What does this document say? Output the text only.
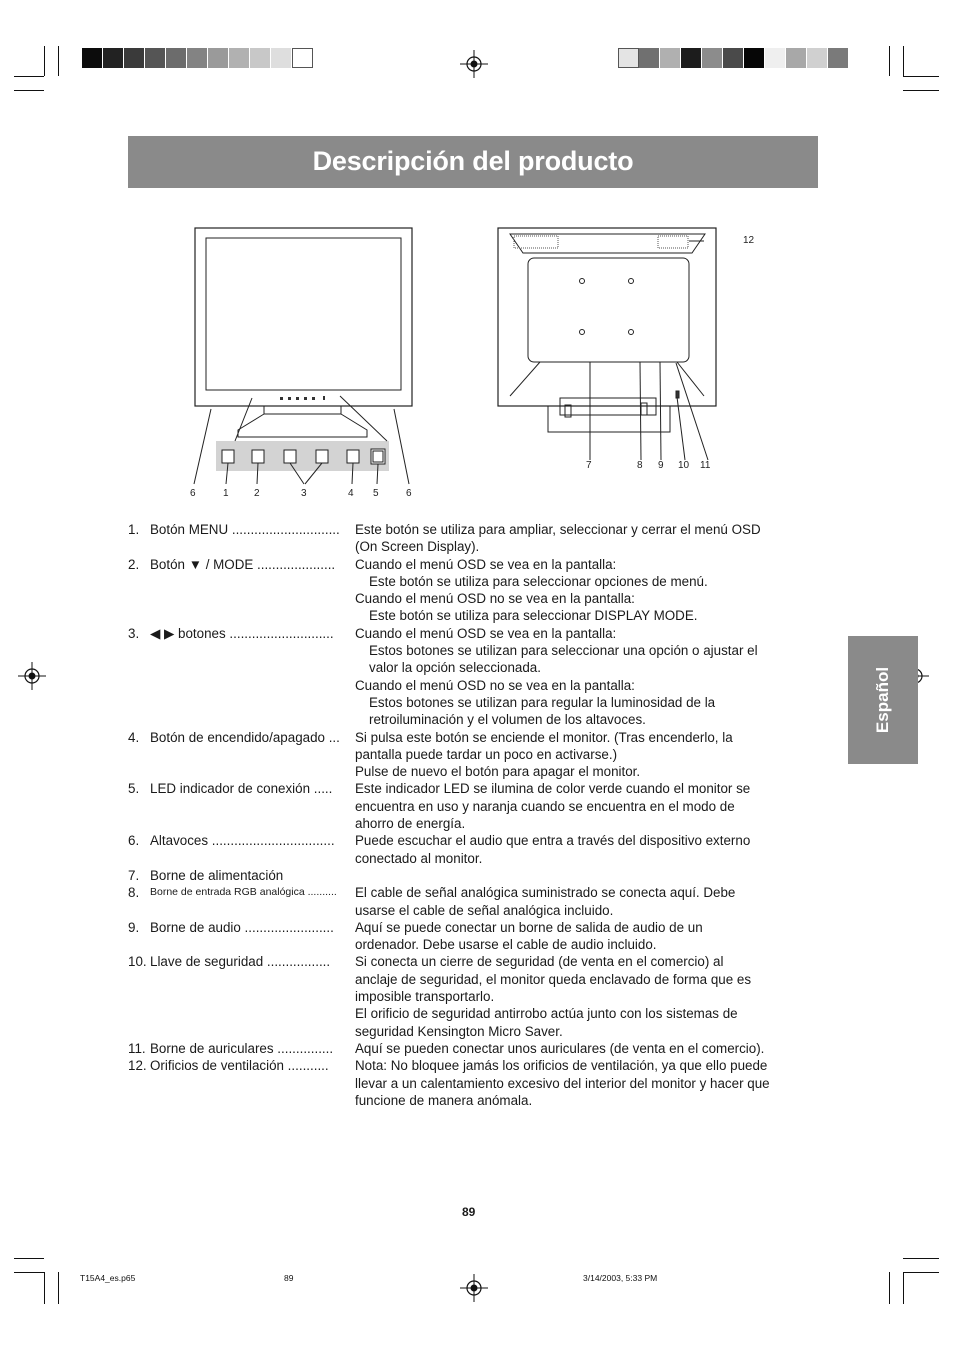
Descripción del producto
Español
6	1	2	3	4 5	6
12
7	8 9 10 11
1. Botón MENU ............................. Este botón se utiliza para ampliar, seleccionar y cerrar el menú OSD
(On Screen Display).
2. Botón ▼ / MODE ..................... Cuando el menú OSD se vea en la pantalla:
Este botón se utiliza para seleccionar opciones de menú.
Cuando el menú OSD no se vea en la pantalla:
Este botón se utiliza para seleccionar DISPLAY MODE.
3. ◀ ▶ botones ............................ Cuando el menú OSD se vea en la pantalla:
Estos botones se utilizan para seleccionar una opción o ajustar el
valor la opción seleccionada.
Cuando el menú OSD no se vea en la pantalla:
Estos botones se utilizan para regular la luminosidad de la
retroiluminación y el volumen de los altavoces.
4. Botón de encendido/apagado ... Si pulsa este botón se enciende el monitor. (Tras encenderlo, la
pantalla puede tardar un poco en activarse.)
Pulse de nuevo el botón para apagar el monitor.
5. LED indicador de conexión ..... Este indicador LED se ilumina de color verde cuando el monitor se
encuentra en uso y naranja cuando se encuentra en el modo de
ahorro de energía.
6. Altavoces ................................. Puede escuchar el audio que entra a través del dispositivo externo
conectado al monitor.
7. Borne de alimentación
8. Borne de entrada RGB analógica .......... El cable de señal analógica suministrado se conecta aquí. Debe
usarse el cable de señal analógica incluido.
9. Borne de audio ........................ Aquí se puede conectar un borne de salida de audio de un
ordenador. Debe usarse el cable de audio incluido.
10. Llave de seguridad ................. Si conecta un cierre de seguridad (de venta en el comercio) al
anclaje de seguridad, el monitor queda enclavado de forma que es
imposible transportarlo.
El orificio de seguridad antirrobo actúa junto con los sistemas de
seguridad Kensington Micro Saver.
11. Borne de auriculares ............... Aquí se pueden conectar unos auriculares (de venta en el comercio).
12. Orificios de ventilación ........... Nota: No bloquee jamás los orificios de ventilación, ya que ello puede
llevar a un calentamiento excesivo del interior del monitor y hacer que
funcione de manera anómala.
89
T15A4_es.p65	89	3/14/2003, 5:33 PM
